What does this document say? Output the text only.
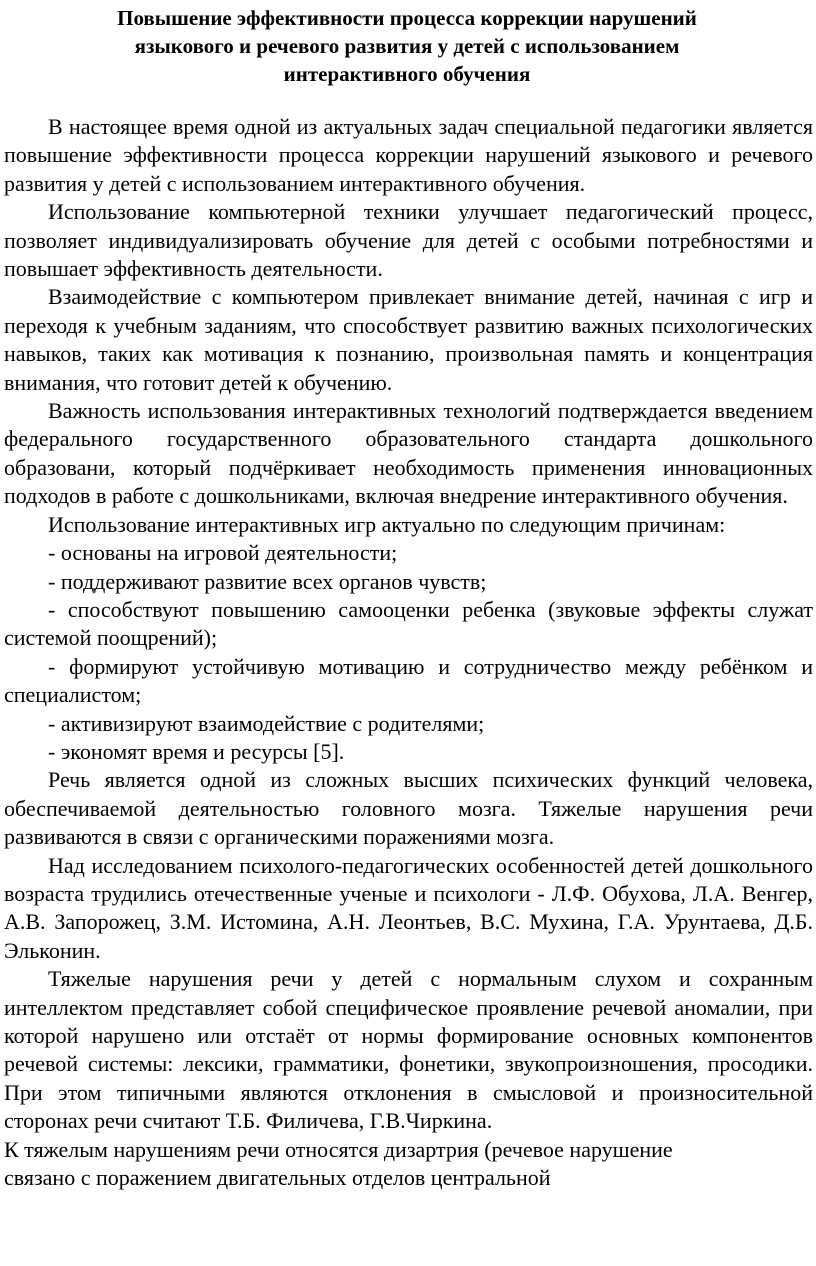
Повышение эффективности процесса коррекции нарушений
языкового и речевого развития у детей с использованием
интерактивного обучения

В настоящее время одной из актуальных задач специальной педагогики является повышение эффективности процесса коррекции нарушений языкового и речевого развития у детей с использованием интерактивного обучения.

Использование компьютерной техники улучшает педагогический процесс, позволяет индивидуализировать обучение для детей с особыми потребностями и повышает эффективность деятельности.

Взаимодействие с компьютером привлекает внимание детей, начиная с игр и переходя к учебным заданиям, что способствует развитию важных психологических навыков, таких как мотивация к познанию, произвольная память и концентрация внимания, что готовит детей к обучению.

Важность использования интерактивных технологий подтверждается введением федерального государственного образовательного стандарта дошкольного образовани, который подчёркивает необходимость применения инновационных подходов в работе с дошкольниками, включая внедрение интерактивного обучения.

Использование интерактивных игр актуально по следующим причинам:

- основаны на игровой деятельности;

- поддерживают развитие всех органов чувств;

- способствуют повышению самооценки ребенка (звуковые эффекты служат системой поощрений);

- формируют устойчивую мотивацию и сотрудничество между ребёнком и специалистом;

- активизируют взаимодействие с родителями;

- экономят время и ресурсы [5].

Речь является одной из сложных высших психических функций человека, обеспечиваемой деятельностью головного мозга. Тяжелые нарушения речи развиваются в связи с органическими поражениями мозга.

Над исследованием психолого-педагогических особенностей детей дошкольного возраста трудились отечественные ученые и психологи - Л.Ф. Обухова, Л.А. Венгер, А.В. Запорожец, З.М. Истомина, А.Н. Леонтьев, В.С. Мухина, Г.А. Урунтаева, Д.Б. Эльконин.

Тяжелые нарушения речи у детей с нормальным слухом и сохранным интеллектом представляет собой специфическое проявление речевой аномалии, при которой нарушено или отстаёт от нормы формирование основных компонентов речевой системы: лексики, грамматики, фонетики, звукопроизношения, просодики. При этом типичными являются отклонения в смысловой и произносительной сторонах речи считают Т.Б. Филичева, Г.В.Чиркина.

К тяжелым нарушениям речи относятся дизартрия (речевое нарушение

связано с поражением двигательных отделов центральной
